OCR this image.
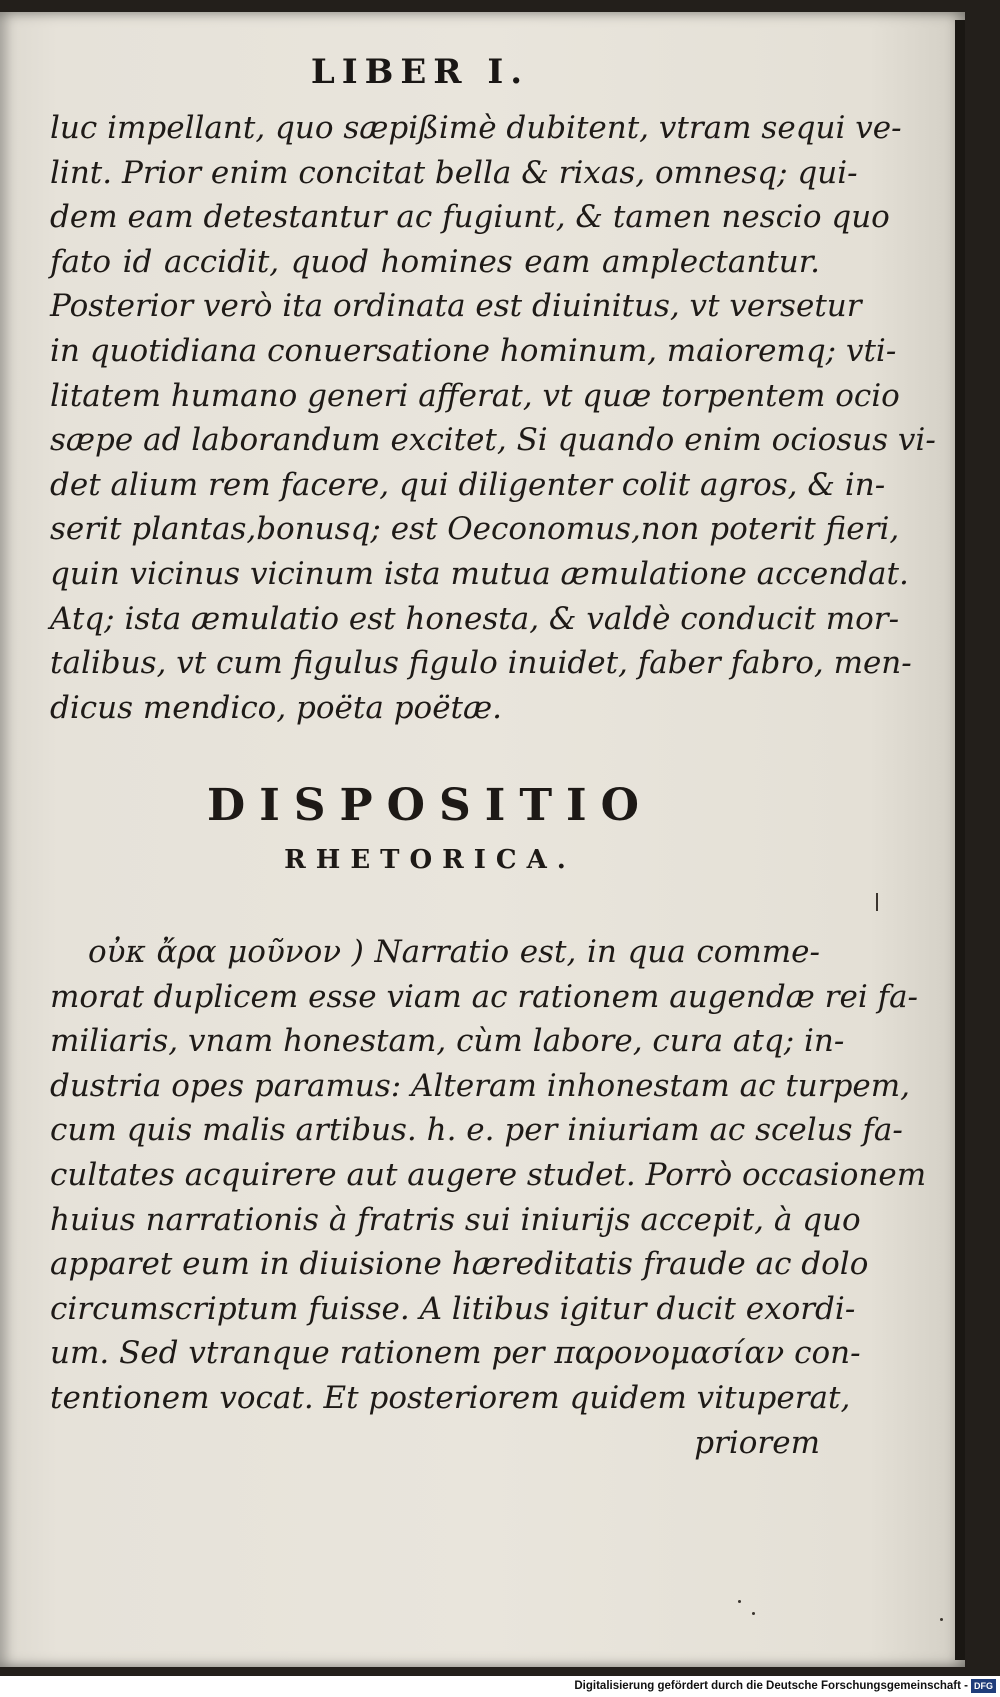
LIBER I.
luc impellant, quo sæpißimè dubitent, vtram sequi ve-
lint. Prior enim concitat bella & rixas, omnesq; qui-
dem eam detestantur ac fugiunt, & tamen nescio quo
fato id accidit, quod homines eam amplectantur.
Posterior verò ita ordinata est diuinitus, vt versetur
in quotidiana conuersatione hominum, maioremq; vti-
litatem humano generi afferat, vt quæ torpentem ocio
sæpe ad laborandum excitet, Si quando enim ociosus vi-
det alium rem facere, qui diligenter colit agros, & in-
serit plantas,bonusq; est Oeconomus,non poterit fieri,
quin vicinus vicinum ista mutua æmulatione accendat.
Atq; ista æmulatio est honesta, & valdè conducit mor-
talibus, vt cum figulus figulo inuidet, faber fabro, men-
dicus mendico, poëta poëtæ.
DISPOSITIO
RHETORICA.
οὐκ ἄρα μοῦνον ) Narratio est, in qua comme-
morat duplicem esse viam ac rationem augendæ rei fa-
miliaris, vnam honestam, cùm labore, cura atq; in-
dustria opes paramus: Alteram inhonestam ac turpem,
cum quis malis artibus. h. e. per iniuriam ac scelus fa-
cultates acquirere aut augere studet. Porrò occasionem
huius narrationis à fratris sui iniurijs accepit, à quo
apparet eum in diuisione hæreditatis fraude ac dolo
circumscriptum fuisse. A litibus igitur ducit exordi-
um. Sed vtranque rationem per παρονομασίαν con-
tentionem vocat. Et posteriorem quidem vituperat,
priorem
Digitalisierung gefördert durch die Deutsche Forschungsgemeinschaft - DFG
